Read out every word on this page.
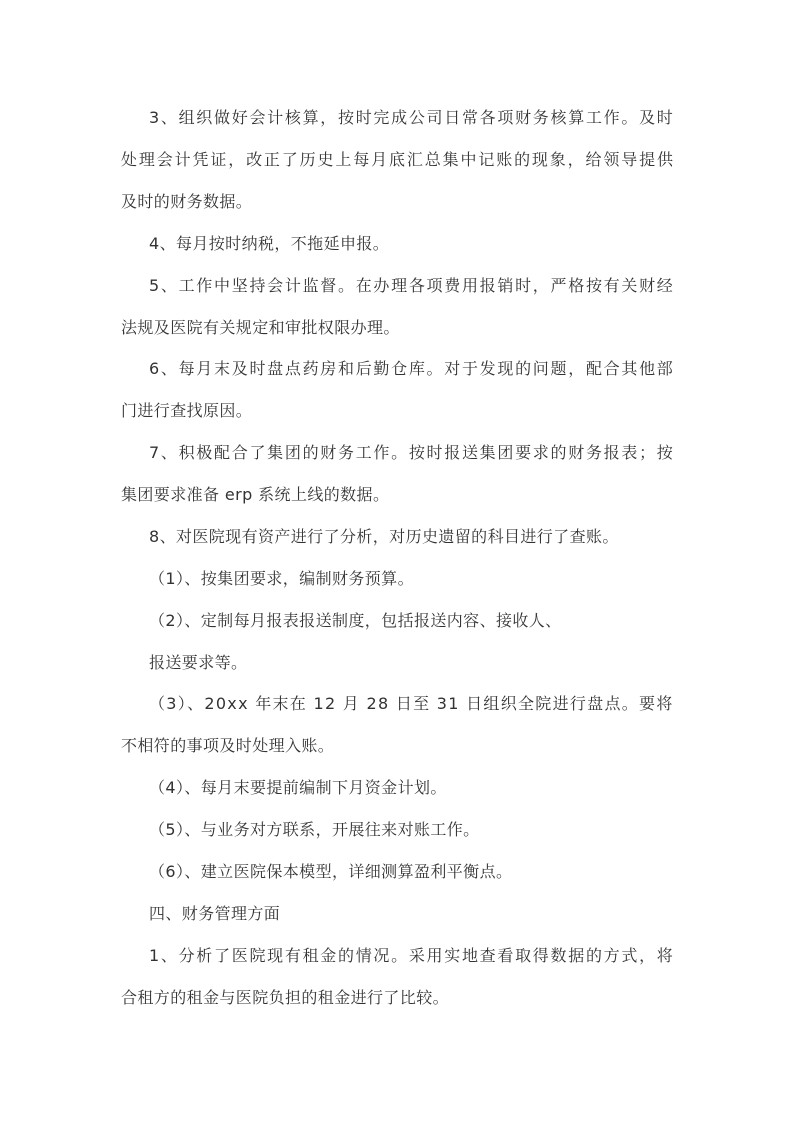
3、组织做好会计核算，按时完成公司日常各项财务核算工作。及时
处理会计凭证，改正了历史上每月底汇总集中记账的现象，给领导提供
及时的财务数据。
4、每月按时纳税，不拖延申报。
5、工作中坚持会计监督。在办理各项费用报销时，严格按有关财经
法规及医院有关规定和审批权限办理。
6、每月末及时盘点药房和后勤仓库。对于发现的问题，配合其他部
门进行查找原因。
7、积极配合了集团的财务工作。按时报送集团要求的财务报表；按
集团要求准备 erp 系统上线的数据。
8、对医院现有资产进行了分析，对历史遗留的科目进行了查账。
（1）、按集团要求，编制财务预算。
（2）、定制每月报表报送制度，包括报送内容、接收人、
报送要求等。
（3）、20xx 年末在 12 月 28 日至 31 日组织全院进行盘点。要将
不相符的事项及时处理入账。
（4）、每月末要提前编制下月资金计划。
（5）、与业务对方联系，开展往来对账工作。
（6）、建立医院保本模型，详细测算盈利平衡点。
四、财务管理方面
1、分析了医院现有租金的情况。采用实地查看取得数据的方式，将
合租方的租金与医院负担的租金进行了比较。
